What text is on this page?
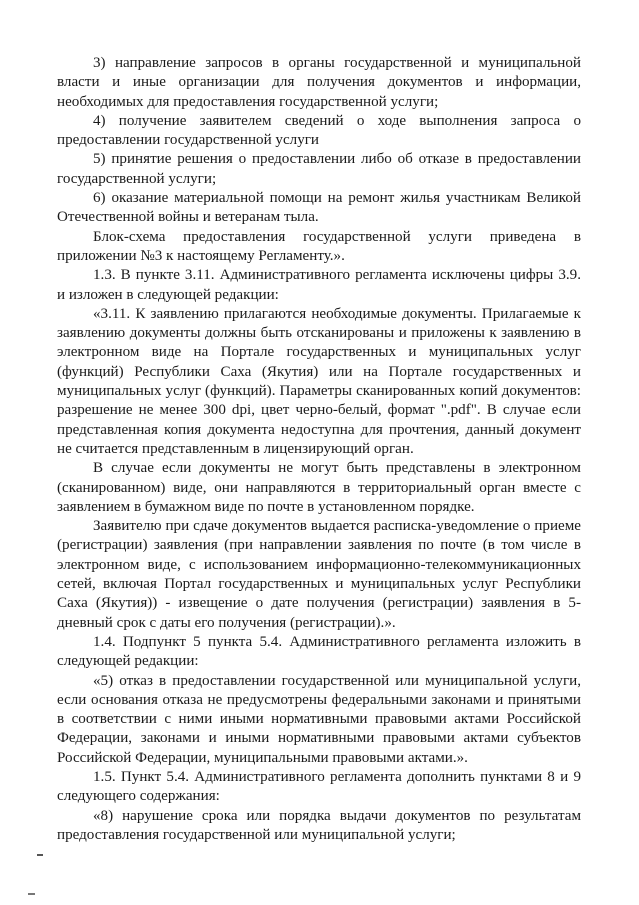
3) направление запросов в органы государственной и муниципальной власти и иные организации для получения документов и информации, необходимых для предоставления государственной услуги;

4) получение заявителем сведений о ходе выполнения запроса о предоставлении государственной услуги

5) принятие решения о предоставлении либо об отказе в предоставлении государственной услуги;

6) оказание материальной помощи на ремонт жилья участникам Великой Отечественной войны и ветеранам тыла.

Блок-схема предоставления государственной услуги приведена в приложении №3 к настоящему Регламенту.».

1.3. В пункте 3.11. Административного регламента исключены цифры 3.9. и изложен в следующей редакции:

«3.11. К заявлению прилагаются необходимые документы. Прилагаемые к заявлению документы должны быть отсканированы и приложены к заявлению в электронном виде на Портале государственных и муниципальных услуг (функций) Республики Саха (Якутия) или на Портале государственных и муниципальных услуг (функций). Параметры сканированных копий документов: разрешение не менее 300 dpi, цвет черно-белый, формат ".pdf". В случае если представленная копия документа недоступна для прочтения, данный документ не считается представленным в лицензирующий орган.

В случае если документы не могут быть представлены в электронном (сканированном) виде, они направляются в территориальный орган вместе с заявлением в бумажном виде по почте в установленном порядке.

Заявителю при сдаче документов выдается расписка-уведомление о приеме (регистрации) заявления (при направлении заявления по почте (в том числе в электронном виде, с использованием информационно-телекоммуникационных сетей, включая Портал государственных и муниципальных услуг Республики Саха (Якутия)) - извещение о дате получения (регистрации) заявления в 5-дневный срок с даты его получения (регистрации).».

1.4. Подпункт 5 пункта 5.4. Административного регламента изложить в следующей редакции:

«5) отказ в предоставлении государственной или муниципальной услуги, если основания отказа не предусмотрены федеральными законами и принятыми в соответствии с ними иными нормативными правовыми актами Российской Федерации, законами и иными нормативными правовыми актами субъектов Российской Федерации, муниципальными правовыми актами.».

1.5. Пункт 5.4. Административного регламента дополнить пунктами 8 и 9 следующего содержания:

«8) нарушение срока или порядка выдачи документов по результатам предоставления государственной или муниципальной услуги;
